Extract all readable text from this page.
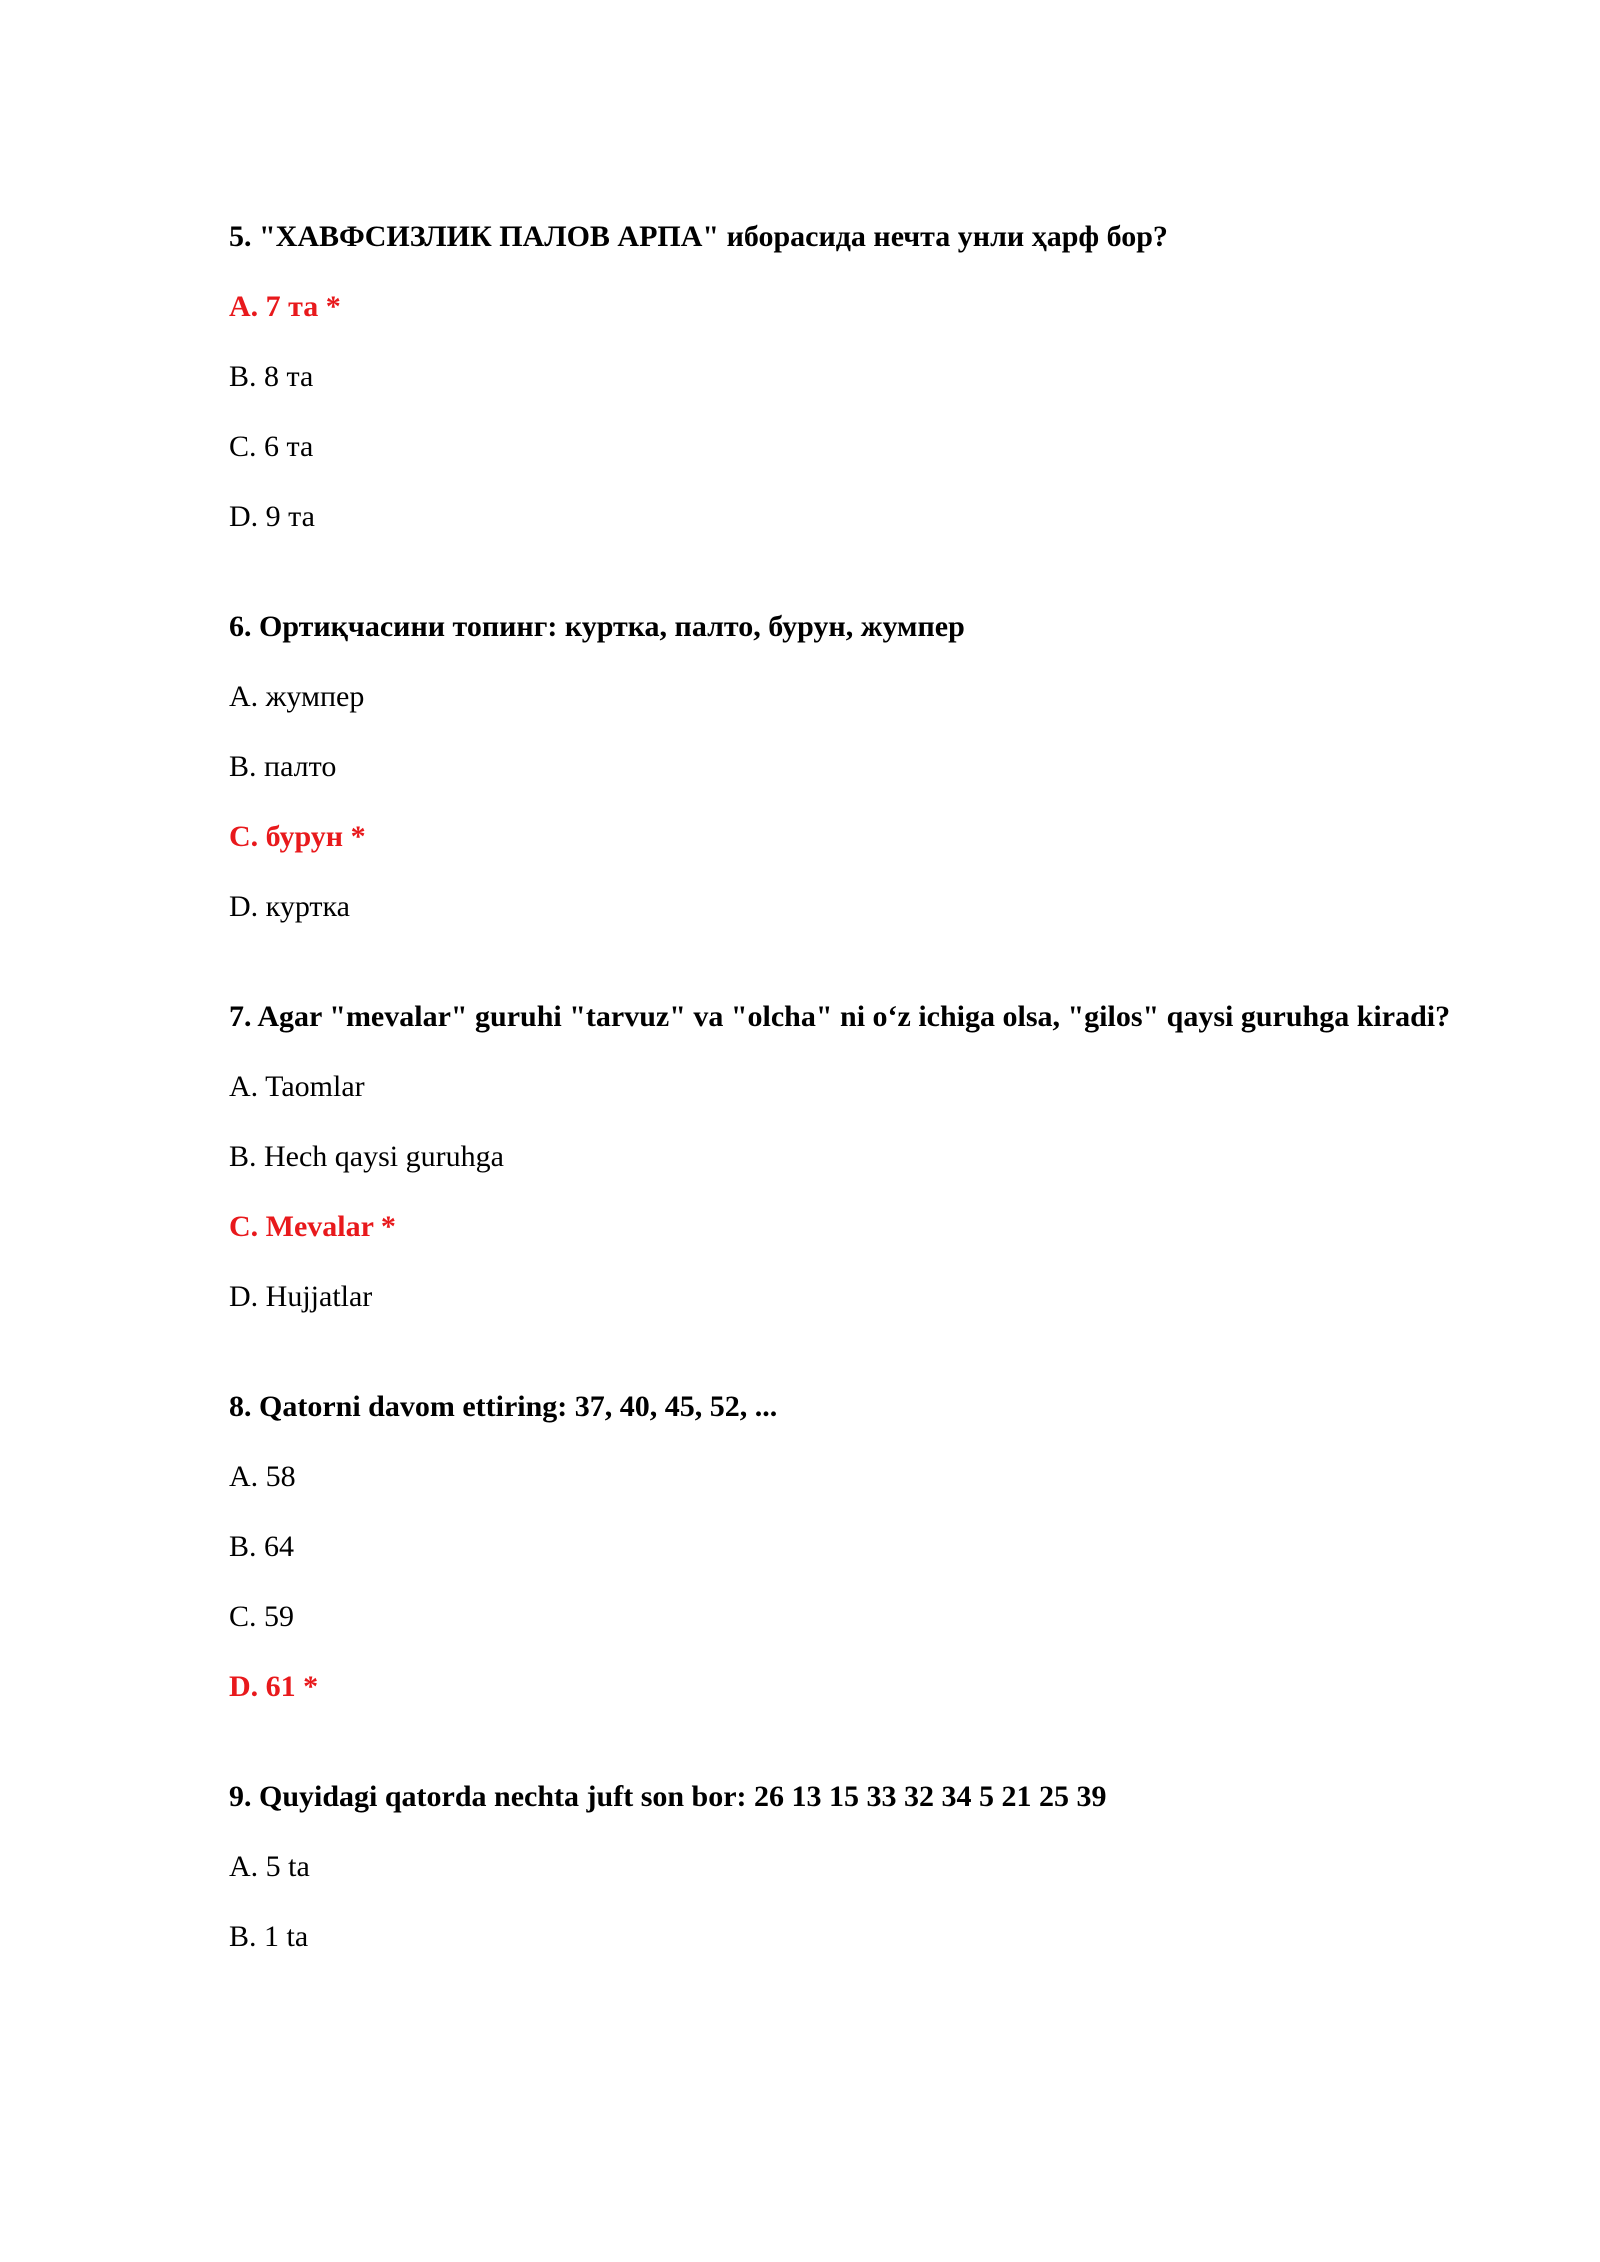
5. "ХАВФСИЗЛИК ПАЛОВ АРПА" иборасида нечта унли ҳарф бор?
A. 7 та *
B. 8 та
C. 6 та
D. 9 та
6. Ортиқчасини топинг: куртка, палто, бурун, жумпер
A. жумпер
B. палто
C. бурун *
D. куртка
7. Agar "mevalar" guruhi "tarvuz" va "olcha" ni oʻz ichiga olsa, "gilos" qaysi guruhga kiradi?
A. Taomlar
B. Hech qaysi guruhga
C. Mevalar *
D. Hujjatlar
8. Qatorni davom ettiring: 37, 40, 45, 52, ...
A. 58
B. 64
C. 59
D. 61 *
9. Quyidagi qatorda nechta juft son bor: 26 13 15 33 32 34 5 21 25 39
A. 5 ta
B. 1 ta
